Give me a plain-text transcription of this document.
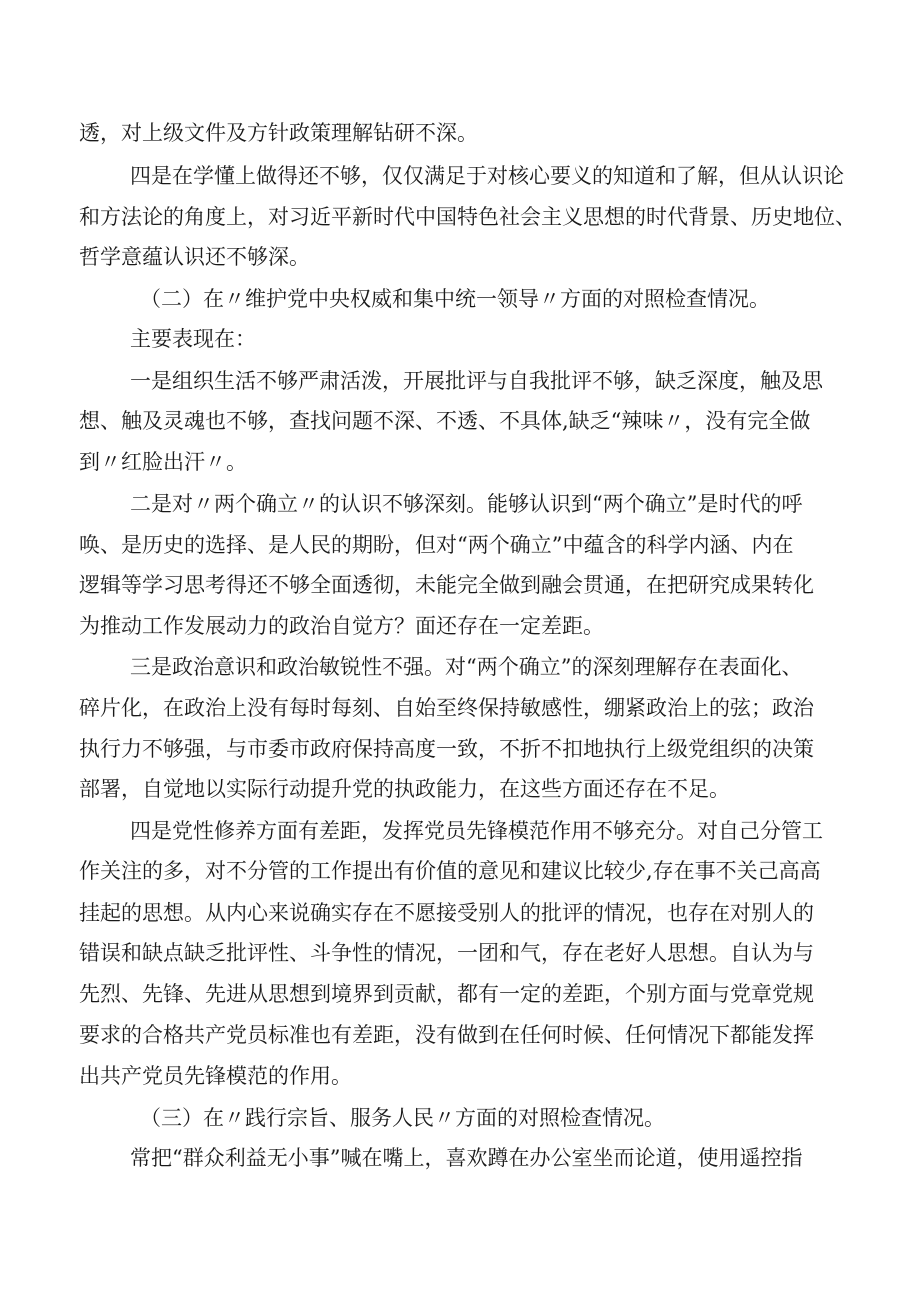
透，对上级文件及方针政策理解钻研不深。
四是在学懂上做得还不够，仅仅满足于对核心要义的知道和了解，但从认识论
和方法论的角度上，对习近平新时代中国特色社会主义思想的时代背景、历史地位、
哲学意蕴认识还不够深。
（二）在〃维护党中央权威和集中统一领导〃方面的对照检查情况。
主要表现在：
一是组织生活不够严肃活泼，开展批评与自我批评不够，缺乏深度，触及思
想、触及灵魂也不够，查找问题不深、不透、不具体,缺乏“辣味〃，没有完全做
到〃红脸出汗〃。
二是对〃两个确立〃的认识不够深刻。能够认识到“两个确立”是时代的呼
唤、是历史的选择、是人民的期盼，但对“两个确立”中蕴含的科学内涵、内在
逻辑等学习思考得还不够全面透彻，未能完全做到融会贯通，在把研究成果转化
为推动工作发展动力的政治自觉方？面还存在一定差距。
三是政治意识和政治敏锐性不强。对“两个确立”的深刻理解存在表面化、
碎片化，在政治上没有每时每刻、自始至终保持敏感性，绷紧政治上的弦；政治
执行力不够强，与市委市政府保持高度一致，不折不扣地执行上级党组织的决策
部署，自觉地以实际行动提升党的执政能力，在这些方面还存在不足。
四是党性修养方面有差距，发挥党员先锋模范作用不够充分。对自己分管工
作关注的多，对不分管的工作提出有价值的意见和建议比较少,存在事不关己高高
挂起的思想。从内心来说确实存在不愿接受别人的批评的情况，也存在对别人的
错误和缺点缺乏批评性、斗争性的情况，一团和气，存在老好人思想。自认为与
先烈、先锋、先进从思想到境界到贡献，都有一定的差距，个别方面与党章党规
要求的合格共产党员标准也有差距，没有做到在任何时候、任何情况下都能发挥
出共产党员先锋模范的作用。
（三）在〃践行宗旨、服务人民〃方面的对照检查情况。
常把“群众利益无小事”喊在嘴上，喜欢蹲在办公室坐而论道，使用遥控指
